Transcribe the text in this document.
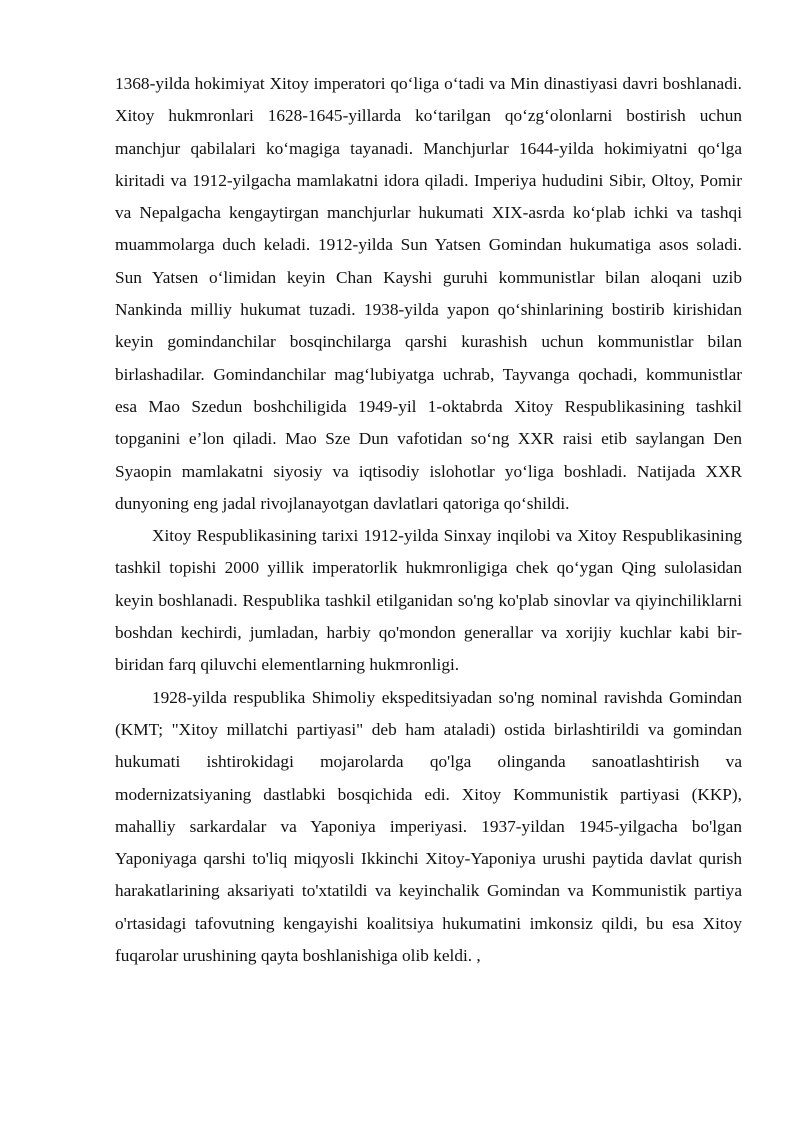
1368-yilda hokimiyat Xitoy imperatori qo‘liga o‘tadi va Min dinastiyasi davri boshlanadi. Xitoy hukmronlari 1628-1645-yillarda ko‘tarilgan qo‘zg‘olonlarni bostirish uchun manchjur qabilalari ko‘magiga tayanadi. Manchjurlar 1644-yilda hokimiyatni qo‘lga kiritadi va 1912-yilgacha mamlakatni idora qiladi. Imperiya hududini Sibir, Oltoy, Pomir va Nepalgacha kengaytirgan manchjurlar hukumati XIX-asrda ko‘plab ichki va tashqi muammolarga duch keladi. 1912-yilda Sun Yatsen Gomindan hukumatiga asos soladi. Sun Yatsen o‘limidan keyin Chan Kayshi guruhi kommunistlar bilan aloqani uzib Nankinda milliy hukumat tuzadi. 1938-yilda yapon qo‘shinlarining bostirib kirishidan keyin gomindanchilar bosqinchilarga qarshi kurashish uchun kommunistlar bilan birlashadilar. Gomindanchilar mag‘lubiyatga uchrab, Tayvanga qochadi, kommunistlar esa Mao Szedun boshchiligida 1949-yil 1-oktabrda Xitoy Respublikasining tashkil topganini e’lon qiladi. Mao Sze Dun vafotidan so‘ng XXR raisi etib saylangan Den Syaopin mamlakatni siyosiy va iqtisodiy islohotlar yo‘liga boshladi. Natijada XXR dunyoning eng jadal rivojlanayotgan davlatlari qatoriga qo‘shildi.

Xitoy Respublikasining tarixi 1912-yilda Sinxay inqilobi va Xitoy Respublikasining tashkil topishi 2000 yillik imperatorlik hukmronligiga chek qo‘ygan Qing sulolasidan keyin boshlanadi. Respublika tashkil etilganidan so'ng ko'plab sinovlar va qiyinchiliklarni boshdan kechirdi, jumladan, harbiy qo'mondon generallar va xorijiy kuchlar kabi bir-biridan farq qiluvchi elementlarning hukmronligi.

1928-yilda respublika Shimoliy ekspeditsiyadan so'ng nominal ravishda Gomindan (KMT; "Xitoy millatchi partiyasi" deb ham ataladi) ostida birlashtirildi va gomindan hukumati ishtirokidagi mojarolarda qo'lga olinganda sanoatlashtirish va modernizatsiyaning dastlabki bosqichida edi. Xitoy Kommunistik partiyasi (KKP), mahalliy sarkardalar va Yaponiya imperiyasi. 1937-yildan 1945-yilgacha bo'lgan Yaponiyaga qarshi to'liq miqyosli Ikkinchi Xitoy-Yaponiya urushi paytida davlat qurish harakatlarining aksariyati to'xtatildi va keyinchalik Gomindan va Kommunistik partiya o'rtasidagi tafovutning kengayishi koalitsiya hukumatini imkonsiz qildi, bu esa Xitoy fuqarolar urushining qayta boshlanishiga olib keldi. ,
